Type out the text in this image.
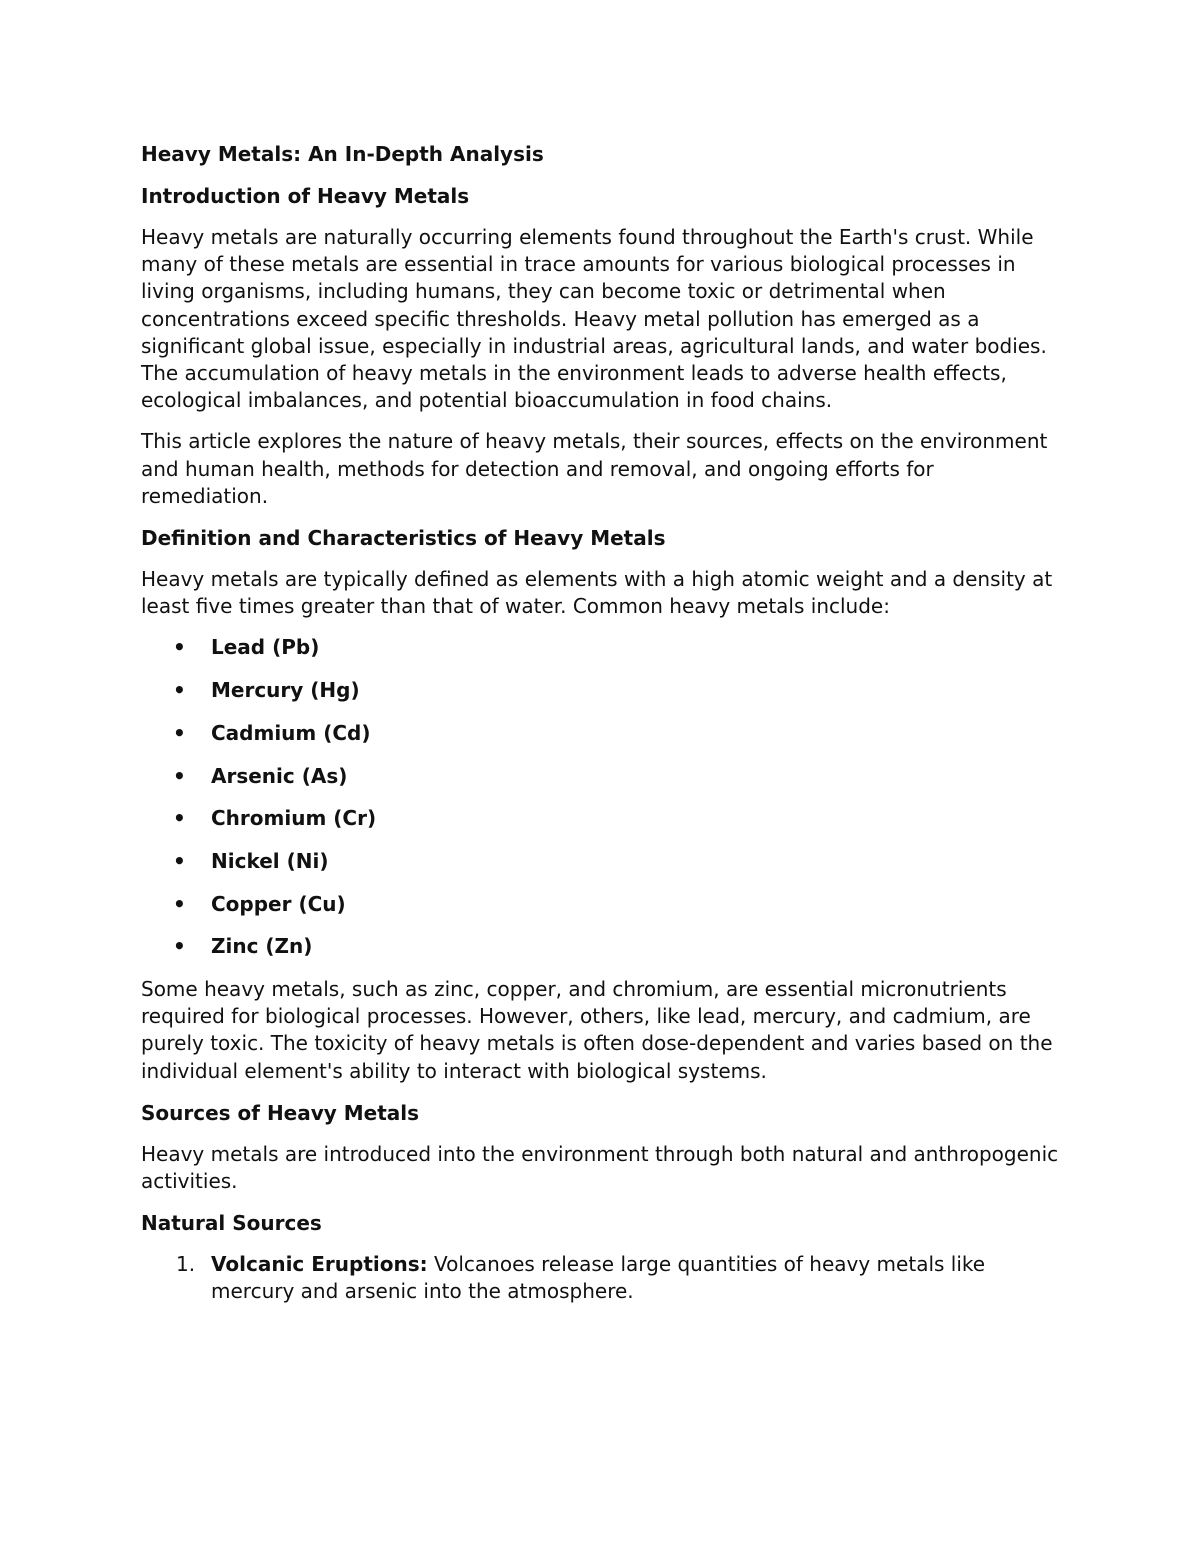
Heavy Metals: An In-Depth Analysis
Introduction of Heavy Metals

Heavy metals are naturally occurring elements found throughout the Earth's crust. While many of these metals are essential in trace amounts for various biological processes in living organisms, including humans, they can become toxic or detrimental when concentrations exceed specific thresholds. Heavy metal pollution has emerged as a significant global issue, especially in industrial areas, agricultural lands, and water bodies. The accumulation of heavy metals in the environment leads to adverse health effects, ecological imbalances, and potential bioaccumulation in food chains.

This article explores the nature of heavy metals, their sources, effects on the environment and human health, methods for detection and removal, and ongoing efforts for remediation.

Definition and Characteristics of Heavy Metals

Heavy metals are typically defined as elements with a high atomic weight and a density at least five times greater than that of water. Common heavy metals include:

• Lead (Pb)
• Mercury (Hg)
• Cadmium (Cd)
• Arsenic (As)
• Chromium (Cr)
• Nickel (Ni)
• Copper (Cu)
• Zinc (Zn)

Some heavy metals, such as zinc, copper, and chromium, are essential micronutrients required for biological processes. However, others, like lead, mercury, and cadmium, are purely toxic. The toxicity of heavy metals is often dose-dependent and varies based on the individual element's ability to interact with biological systems.

Sources of Heavy Metals

Heavy metals are introduced into the environment through both natural and anthropogenic activities.

Natural Sources
1. Volcanic Eruptions: Volcanoes release large quantities of heavy metals like mercury and arsenic into the atmosphere.
